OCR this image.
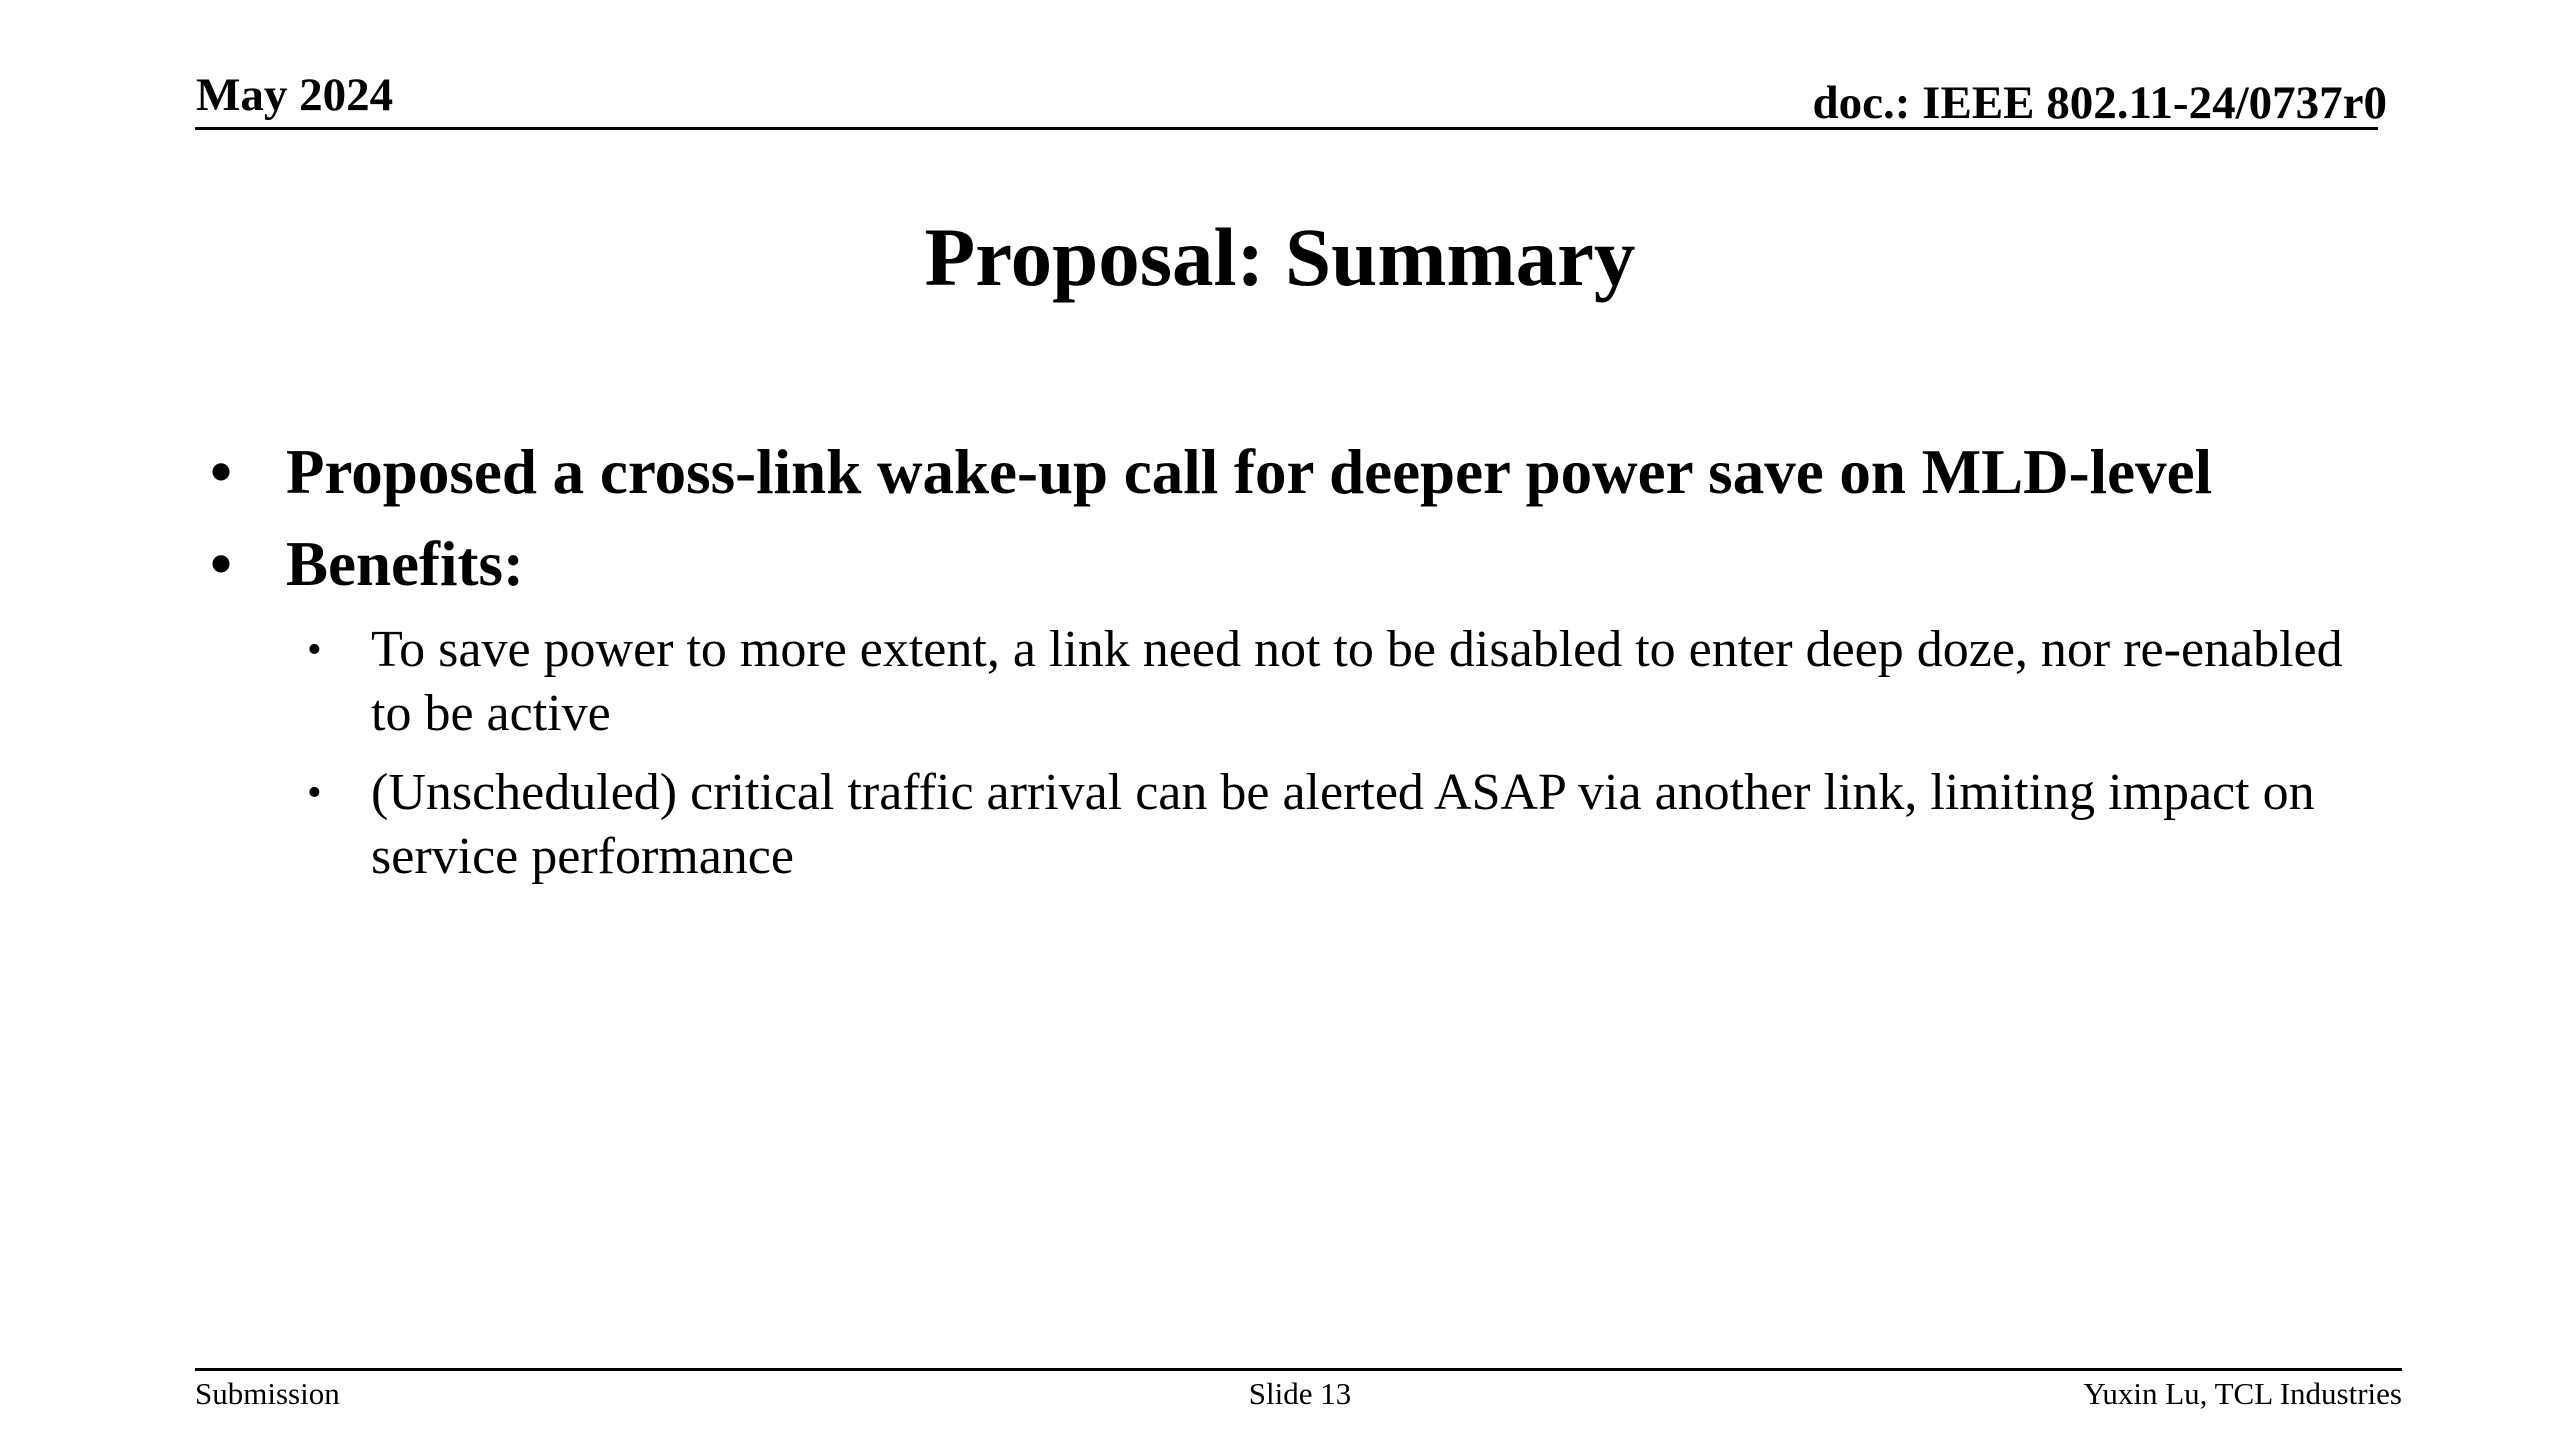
May 2024	doc.: IEEE 802.11-24/0737r0
Proposal: Summary
• Proposed a cross-link wake-up call for deeper power save on MLD-level
• Benefits:
• To save power to more extent, a link need not to be disabled to enter deep doze, nor re-enabled to be active
• (Unscheduled) critical traffic arrival can be alerted ASAP via another link, limiting impact on service performance
Submission	Slide 13	Yuxin Lu, TCL Industries
